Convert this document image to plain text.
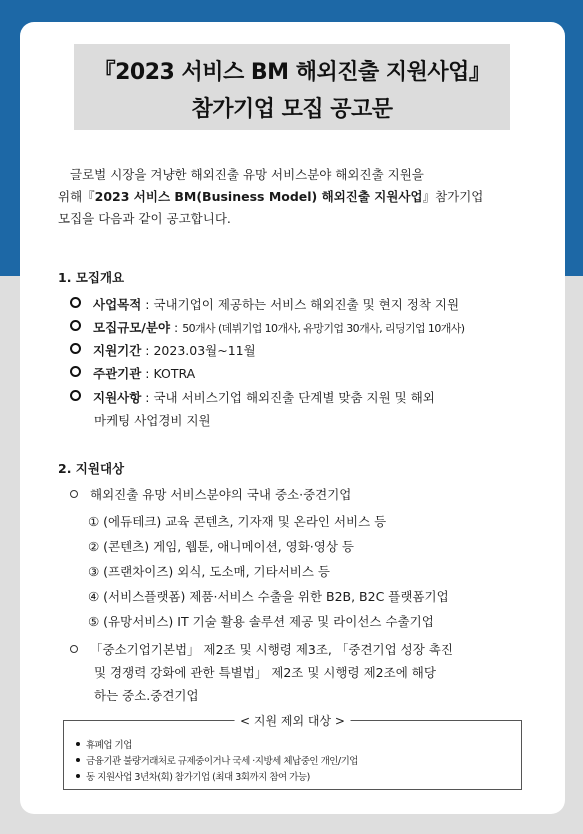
『2023 서비스 BM 해외진출 지원사업』
참가기업 모집 공고문
글로벌 시장을 겨냥한 해외진출 유망 서비스분야 해외진출 지원을
위해『2023 서비스 BM(Business Model) 해외진출 지원사업』참가기업
모집을 다음과 같이 공고합니다.
1. 모집개요
사업목적 : 국내기업이 제공하는 서비스 해외진출 및 현지 정착 지원
모집규모/분야 : 50개사 (데뷔기업 10개사, 유망기업 30개사, 리딩기업 10개사)
지원기간 : 2023.03월~11월
주관기관 : KOTRA
지원사항 : 국내 서비스기업 해외진출 단계별 맞춤 지원 및 해외
마케팅 사업경비 지원
2. 지원대상
해외진출 유망 서비스분야의 국내 중소·중견기업
① (에듀테크) 교육 콘텐츠, 기자재 및 온라인 서비스 등
② (콘텐츠) 게임, 웹툰, 애니메이션, 영화·영상 등
③ (프랜차이즈) 외식, 도소매, 기타서비스 등
④ (서비스플랫폼) 제품·서비스 수출을 위한 B2B, B2C 플랫폼기업
⑤ (유망서비스) IT 기술 활용 솔루션 제공 및 라이선스 수출기업
「중소기업기본법」 제2조 및 시행령 제3조, 「중견기업 성장 촉진
및 경쟁력 강화에 관한 특별법」 제2조 및 시행령 제2조에 해당
하는 중소.중견기업
< 지원 제외 대상 >
휴폐업 기업
금융기관 불량거래처로 규제중이거나 국세 ·지방세 체납중인 개인/기업
동 지원사업 3년차(회) 참가기업 (최대 3회까지 참여 가능)
